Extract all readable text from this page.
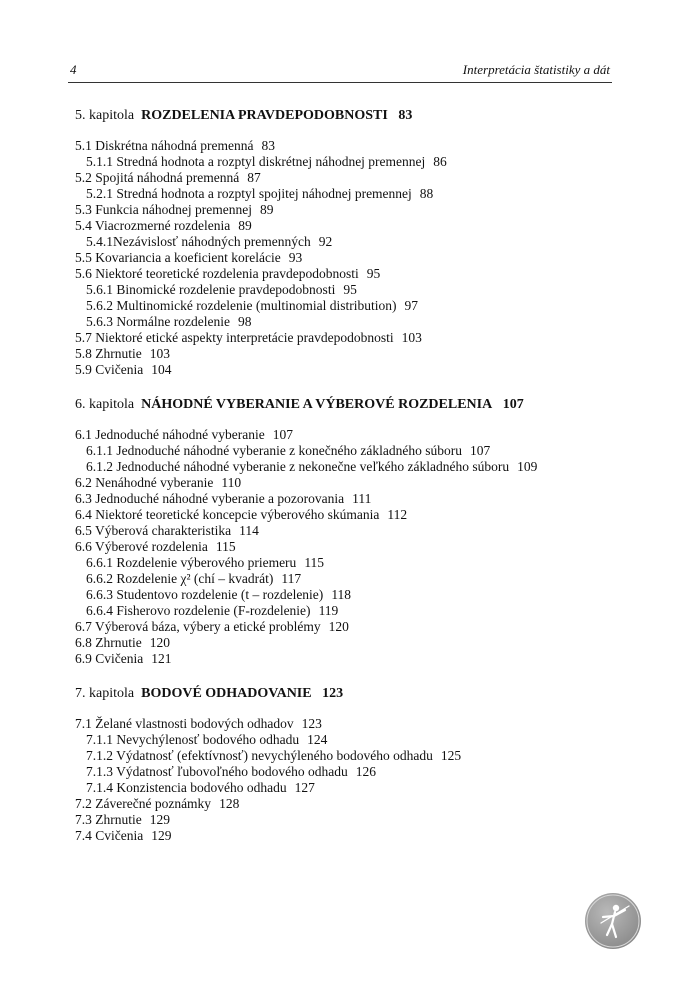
4	Interpretácia štatistiky a dát
5. kapitola ROZDELENIA PRAVDEPODOBNOSTI 83
5.1 Diskrétna náhodná premenná 83
5.1.1 Stredná hodnota a rozptyl diskrétnej náhodnej premennej 86
5.2 Spojitá náhodná premenná 87
5.2.1 Stredná hodnota a rozptyl spojitej náhodnej premennej 88
5.3 Funkcia náhodnej premennej 89
5.4 Viacrozmerné rozdelenia 89
5.4.1Nezávislosť náhodných premenných 92
5.5 Kovariancia a koeficient korelácie 93
5.6 Niektoré teoretické rozdelenia pravdepodobnosti 95
5.6.1 Binomické rozdelenie pravdepodobnosti 95
5.6.2 Multinomické rozdelenie (multinomial distribution) 97
5.6.3 Normálne rozdelenie 98
5.7 Niektoré etické aspekty interpretácie pravdepodobnosti 103
5.8 Zhrnutie 103
5.9 Cvičenia 104
6. kapitola NÁHODNÉ VYBERANIE A VÝBEROVÉ ROZDELENIA 107
6.1 Jednoduché náhodné vyberanie 107
6.1.1 Jednoduché náhodné vyberanie z konečného základného súboru 107
6.1.2 Jednoduché náhodné vyberanie z nekonečne veľkého základného súboru 109
6.2 Nenáhodné vyberanie 110
6.3 Jednoduché náhodné vyberanie a pozorovania 111
6.4 Niektoré teoretické koncepcie výberového skúmania 112
6.5 Výberová charakteristika 114
6.6 Výberové rozdelenia 115
6.6.1 Rozdelenie výberového priemeru 115
6.6.2 Rozdelenie χ² (chí – kvadrát) 117
6.6.3 Studentovo rozdelenie (t – rozdelenie) 118
6.6.4 Fisherovo rozdelenie (F-rozdelenie) 119
6.7 Výberová báza, výbery a etické problémy 120
6.8 Zhrnutie 120
6.9 Cvičenia 121
7. kapitola BODOVÉ ODHADOVANIE 123
7.1 Želané vlastnosti bodových odhadov 123
7.1.1 Nevychýlenosť bodového odhadu 124
7.1.2 Výdatnosť (efektívnosť) nevychýleného bodového odhadu 125
7.1.3 Výdatnosť ľubovoľného bodového odhadu 126
7.1.4 Konzistencia bodového odhadu 127
7.2 Záverečné poznámky 128
7.3 Zhrnutie 129
7.4 Cvičenia 129
